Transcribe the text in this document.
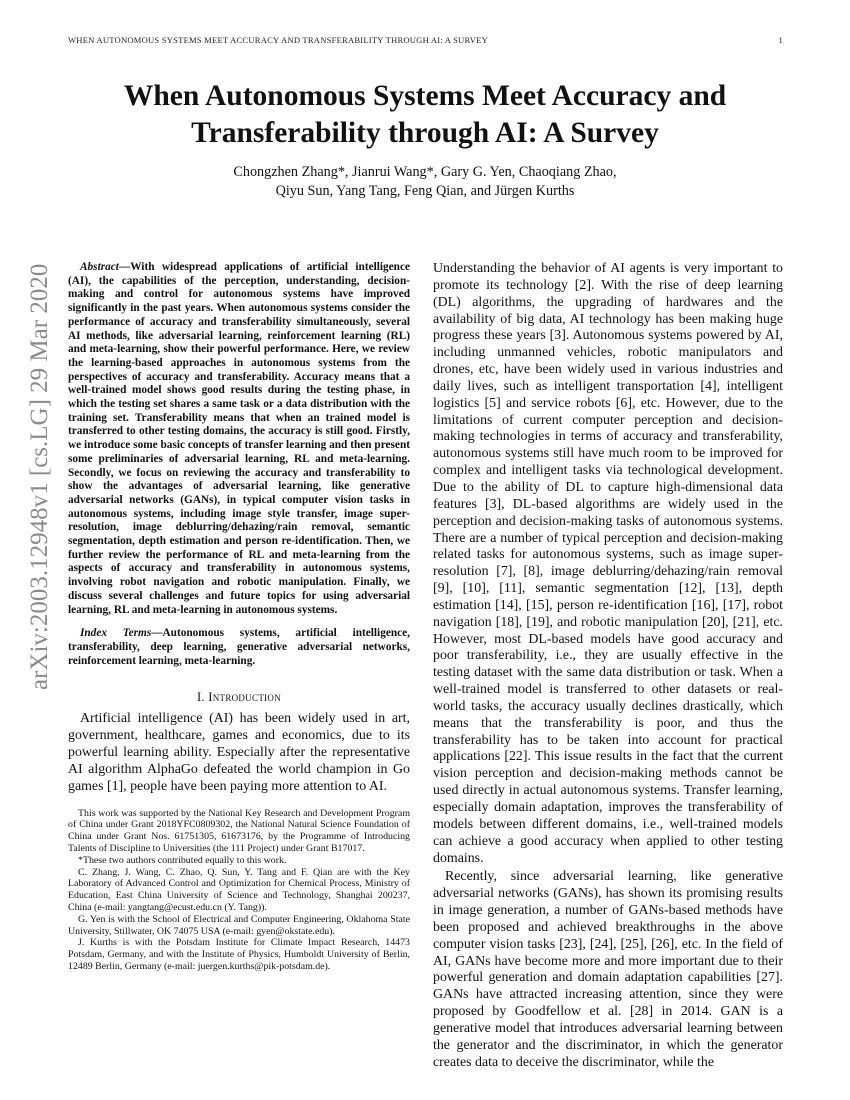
WHEN AUTONOMOUS SYSTEMS MEET ACCURACY AND TRANSFERABILITY THROUGH AI: A SURVEY	1
arXiv:2003.12948v1 [cs.LG] 29 Mar 2020
When Autonomous Systems Meet Accuracy and Transferability through AI: A Survey
Chongzhen Zhang*, Jianrui Wang*, Gary G. Yen, Chaoqiang Zhao,
Qiyu Sun, Yang Tang, Feng Qian, and Jürgen Kurths

Abstract—With widespread applications of artificial intelligence (AI), the capabilities of the perception, understanding, decision-making and control for autonomous systems have improved significantly in the past years. When autonomous systems consider the performance of accuracy and transferability simultaneously, several AI methods, like adversarial learning, reinforcement learning (RL) and meta-learning, show their powerful performance. Here, we review the learning-based approaches in autonomous systems from the perspectives of accuracy and transferability. Accuracy means that a well-trained model shows good results during the testing phase, in which the testing set shares a same task or a data distribution with the training set. Transferability means that when an trained model is transferred to other testing domains, the accuracy is still good. Firstly, we introduce some basic concepts of transfer learning and then present some preliminaries of adversarial learning, RL and meta-learning. Secondly, we focus on reviewing the accuracy and transferability to show the advantages of adversarial learning, like generative adversarial networks (GANs), in typical computer vision tasks in autonomous systems, including image style transfer, image super-resolution, image deblurring/dehazing/rain removal, semantic segmentation, depth estimation and person re-identification. Then, we further review the performance of RL and meta-learning from the aspects of accuracy and transferability in autonomous systems, involving robot navigation and robotic manipulation. Finally, we discuss several challenges and future topics for using adversarial learning, RL and meta-learning in autonomous systems.

Index Terms—Autonomous systems, artificial intelligence, transferability, deep learning, generative adversarial networks, reinforcement learning, meta-learning.

I. Introduction

Artificial intelligence (AI) has been widely used in art, government, healthcare, games and economics, due to its powerful learning ability. Especially after the representative AI algorithm AlphaGo defeated the world champion in Go games [1], people have been paying more attention to AI.

This work was supported by the National Key Research and Development Program of China under Grant 2018YFC0809302, the National Natural Science Foundation of China under Grant Nos. 61751305, 61673176, by the Programme of Introducing Talents of Discipline to Universities (the 111 Project) under Grant B17017.

*These two authors contributed equally to this work.

C. Zhang, J. Wang, C. Zhao, Q. Sun, Y. Tang and F. Qian are with the Key Laboratory of Advanced Control and Optimization for Chemical Process, Ministry of Education, East China University of Science and Technology, Shanghai 200237, China (e-mail: yangtang@ecust.edu.cn (Y. Tang)).

G. Yen is with the School of Electrical and Computer Engineering, Oklahoma State University, Stillwater, OK 74075 USA (e-mail: gyen@okstate.edu).

J. Kurths is with the Potsdam Institute for Climate Impact Research, 14473 Potsdam, Germany, and with the Institute of Physics, Humboldt University of Berlin, 12489 Berlin, Germany (e-mail: juergen.kurths@pik-potsdam.de).

Understanding the behavior of AI agents is very important to promote its technology [2]. With the rise of deep learning (DL) algorithms, the upgrading of hardwares and the availability of big data, AI technology has been making huge progress these years [3]. Autonomous systems powered by AI, including unmanned vehicles, robotic manipulators and drones, etc, have been widely used in various industries and daily lives, such as intelligent transportation [4], intelligent logistics [5] and service robots [6], etc. However, due to the limitations of current computer perception and decision-making technologies in terms of accuracy and transferability, autonomous systems still have much room to be improved for complex and intelligent tasks via technological development. Due to the ability of DL to capture high-dimensional data features [3], DL-based algorithms are widely used in the perception and decision-making tasks of autonomous systems. There are a number of typical perception and decision-making related tasks for autonomous systems, such as image super-resolution [7], [8], image deblurring/dehazing/rain removal [9], [10], [11], semantic segmentation [12], [13], depth estimation [14], [15], person re-identification [16], [17], robot navigation [18], [19], and robotic manipulation [20], [21], etc. However, most DL-based models have good accuracy and poor transferability, i.e., they are usually effective in the testing dataset with the same data distribution or task. When a well-trained model is transferred to other datasets or real-world tasks, the accuracy usually declines drastically, which means that the transferability is poor, and thus the transferability has to be taken into account for practical applications [22]. This issue results in the fact that the current vision perception and decision-making methods cannot be used directly in actual autonomous systems. Transfer learning, especially domain adaptation, improves the transferability of models between different domains, i.e., well-trained models can achieve a good accuracy when applied to other testing domains.

Recently, since adversarial learning, like generative adversarial networks (GANs), has shown its promising results in image generation, a number of GANs-based methods have been proposed and achieved breakthroughs in the above computer vision tasks [23], [24], [25], [26], etc. In the field of AI, GANs have become more and more important due to their powerful generation and domain adaptation capabilities [27]. GANs have attracted increasing attention, since they were proposed by Goodfellow et al. [28] in 2014. GAN is a generative model that introduces adversarial learning between the generator and the discriminator, in which the generator creates data to deceive the discriminator, while the
